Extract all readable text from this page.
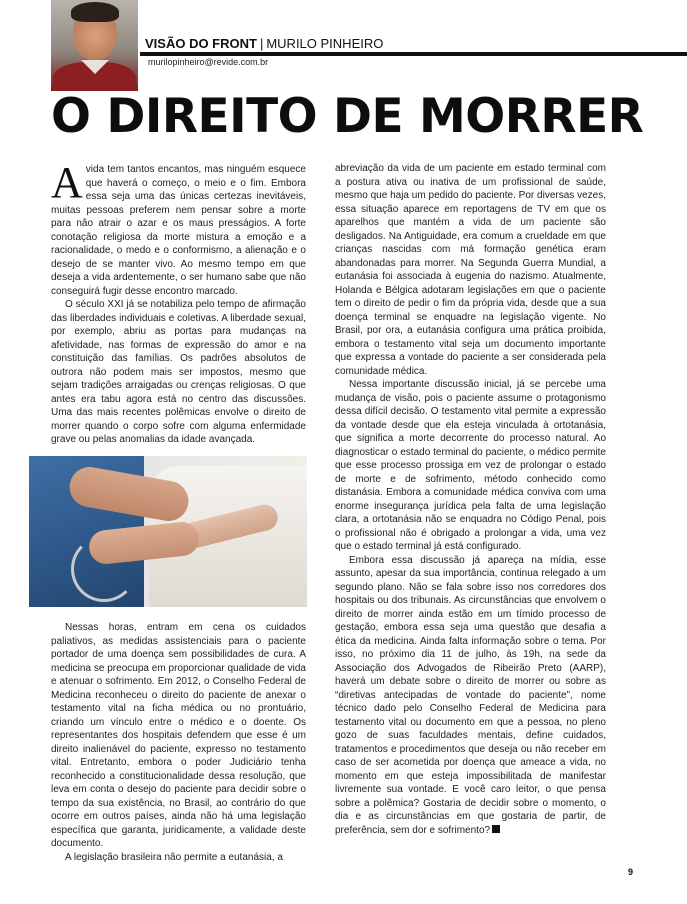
VISÃO DO FRONT | MURILO PINHEIRO
murilopinheiro@revide.com.br
O DIREITO DE MORRER

A vida tem tantos encantos, mas ninguém esquece que haverá o começo, o meio e o fim. Embora essa seja uma das únicas certezas inevitáveis, muitas pessoas preferem nem pensar sobre a morte para não atrair o azar e os maus presságios. A forte conotação religiosa da morte mistura a emoção e a racionalidade, o medo e o conformismo, a alienação e o desejo de se manter vivo. Ao mesmo tempo em que deseja a vida ardentemente, o ser humano sabe que não conseguirá fugir desse encontro marcado.

O século XXI já se notabiliza pelo tempo de afirmação das liberdades individuais e coletivas. A liberdade sexual, por exemplo, abriu as portas para mudanças na afetividade, nas formas de expressão do amor e na constituição das famílias. Os padrões absolutos de outrora não podem mais ser impostos, mesmo que sejam tradições arraigadas ou crenças religiosas. O que antes era tabu agora está no centro das discussões. Uma das mais recentes polêmicas envolve o direito de morrer quando o corpo sofre com alguma enfermidade grave ou pelas anomalias da idade avançada.

Nessas horas, entram em cena os cuidados paliativos, as medidas assistenciais para o paciente portador de uma doença sem possibilidades de cura. A medicina se preocupa em proporcionar qualidade de vida e atenuar o sofrimento. Em 2012, o Conselho Federal de Medicina reconheceu o direito do paciente de anexar o testamento vital na ficha médica ou no prontuário, criando um vínculo entre o médico e o doente. Os representantes dos hospitais defendem que esse é um direito inalienável do paciente, expresso no testamento vital. Entretanto, embora o poder Judiciário tenha reconhecido a constitucionalidade dessa resolução, que leva em conta o desejo do paciente para decidir sobre o tempo da sua existência, no Brasil, ao contrário do que ocorre em outros países, ainda não há uma legislação específica que garanta, juridicamente, a validade deste documento.

A legislação brasileira não permite a eutanásia, a

abreviação da vida de um paciente em estado terminal com a postura ativa ou inativa de um profissional de saúde, mesmo que haja um pedido do paciente. Por diversas vezes, essa situação aparece em reportagens de TV em que os aparelhos que mantém a vida de um paciente são desligados. Na Antiguidade, era comum a crueldade em que crianças nascidas com má formação genética eram abandonadas para morrer. Na Segunda Guerra Mundial, a eutanásia foi associada à eugenia do nazismo. Atualmente, Holanda e Bélgica adotaram legislações em que o paciente tem o direito de pedir o fim da própria vida, desde que a sua doença terminal se enquadre na legislação vigente. No Brasil, por ora, a eutanásia configura uma prática proibida, embora o testamento vital seja um documento importante que expressa a vontade do paciente a ser considerada pela comunidade médica.

Nessa importante discussão inicial, já se percebe uma mudança de visão, pois o paciente assume o protagonismo dessa difícil decisão. O testamento vital permite a expressão da vontade desde que ela esteja vinculada à ortotanásia, que significa a morte decorrente do processo natural. Ao diagnosticar o estado terminal do paciente, o médico permite que esse processo prossiga em vez de prolongar o estado de morte e de sofrimento, método conhecido como distanásia. Embora a comunidade médica conviva com uma enorme insegurança jurídica pela falta de uma legislação clara, a ortotanásia não se enquadra no Código Penal, pois o profissional não é obrigado a prolongar a vida, uma vez que o estado terminal já está configurado.

Embora essa discussão já apareça na mídia, esse assunto, apesar da sua importância, continua relegado a um segundo plano. Não se fala sobre isso nos corredores dos hospitais ou dos tribunais. As circunstâncias que envolvem o direito de morrer ainda estão em um tímido processo de gestação, embora essa seja uma questão que desafia a ética da medicina. Ainda falta informação sobre o tema. Por isso, no próximo dia 11 de julho, às 19h, na sede da Associação dos Advogados de Ribeirão Preto (AARP), haverá um debate sobre o direito de morrer ou sobre as “diretivas antecipadas de vontade do paciente”, nome técnico dado pelo Conselho Federal de Medicina para testamento vital ou documento em que a pessoa, no pleno gozo de suas faculdades mentais, define cuidados, tratamentos e procedimentos que deseja ou não receber em caso de ser acometida por doença que ameace a vida, no momento em que esteja impossibilitada de manifestar livremente sua vontade. E você caro leitor, o que pensa sobre a polêmica? Gostaria de decidir sobre o momento, o dia e as circunstâncias em que gostaria de partir, de preferência, sem dor e sofrimento?

9
